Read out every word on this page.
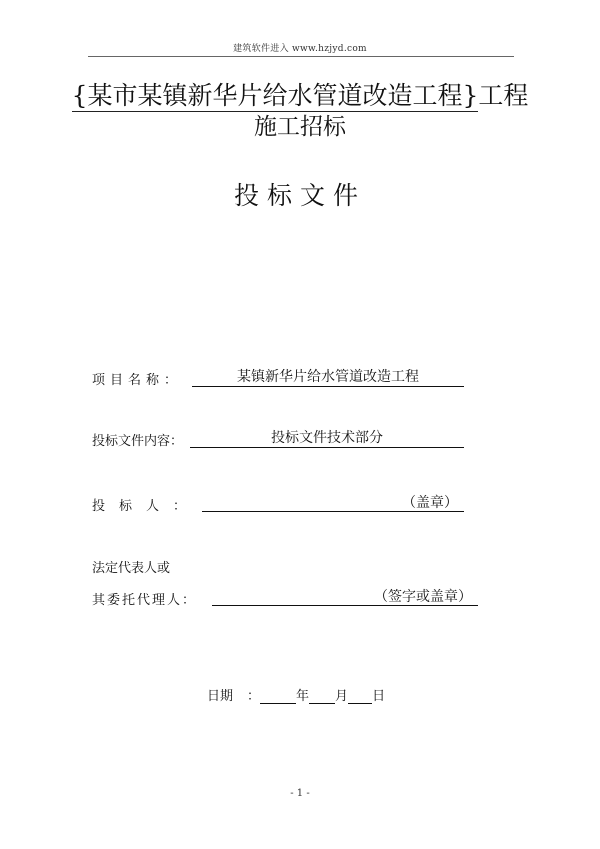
建筑软件进入 www.hzjyd.com
{某市某镇新华片给水管道改造工程}工程
施工招标
投标文件
项目名称：	某镇新华片给水管道改造工程
投标文件内容：	投标文件技术部分
投标人：	（盖章）
法定代表人或
其委托代理人：	（签字或盖章）
日期 ：	年 月 日
- 1 -
